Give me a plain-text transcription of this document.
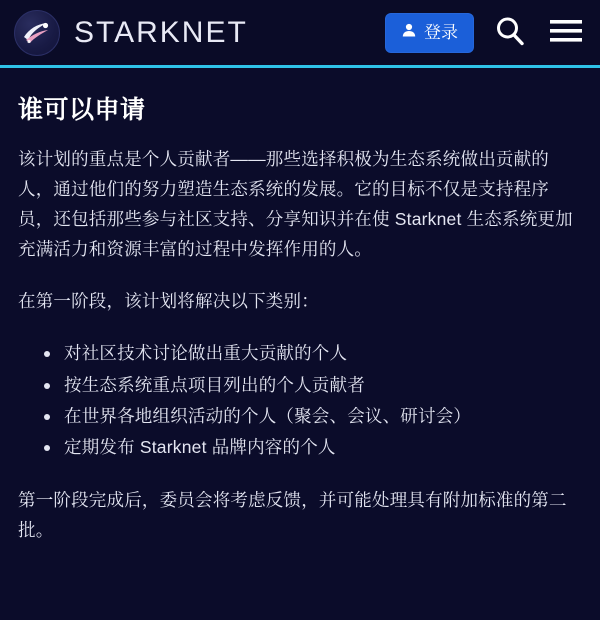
STARKNET	登录
谁可以申请

该计划的重点是个人贡献者——那些选择积极为生态系统做出贡献的人，通过他们的努力塑造生态系统的发展。它的目标不仅是支持程序员，还包括那些参与社区支持、分享知识并在使 Starknet 生态系统更加充满活力和资源丰富的过程中发挥作用的人。

在第一阶段，该计划将解决以下类别：

对社区技术讨论做出重大贡献的个人
按生态系统重点项目列出的个人贡献者
在世界各地组织活动的个人（聚会、会议、研讨会）
定期发布 Starknet 品牌内容的个人

第一阶段完成后，委员会将考虑反馈，并可能处理具有附加标准的第二批。
